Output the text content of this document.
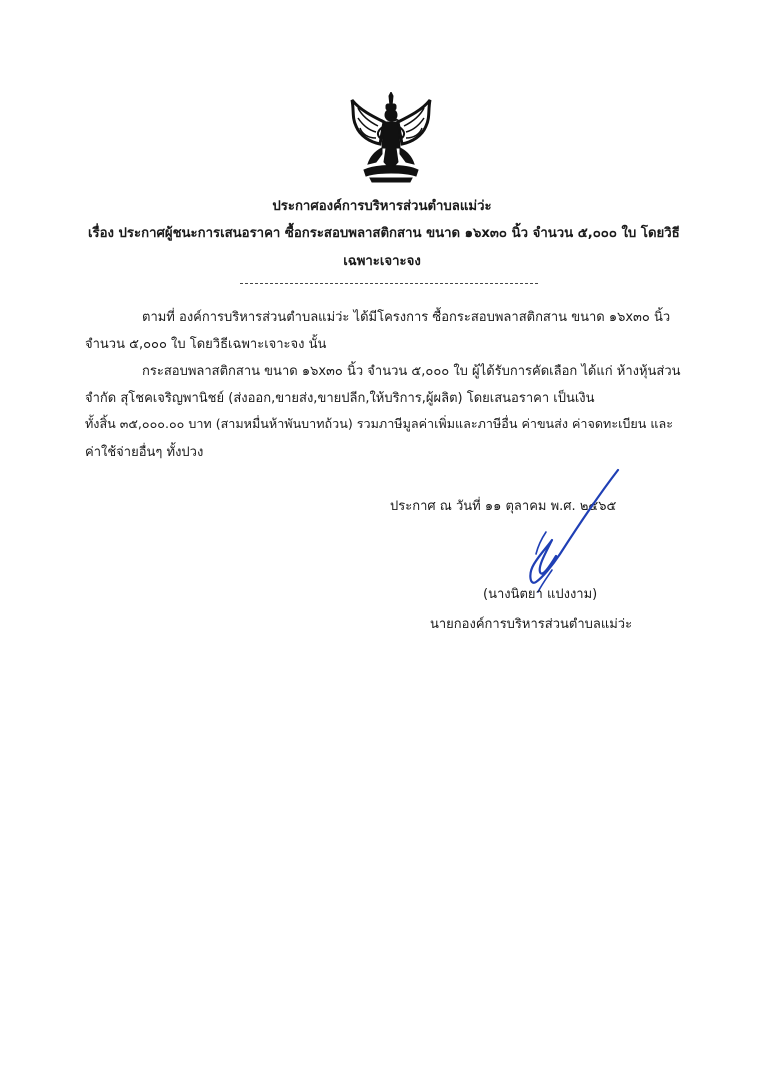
ประกาศองค์การบริหารส่วนตำบลแม่ว่ะ
เรื่อง ประกาศผู้ชนะการเสนอราคา ซื้อกระสอบพลาสติกสาน ขนาด ๑๖x๓๐ นิ้ว จำนวน ๕,๐๐๐ ใบ โดยวิธี
เฉพาะเจาะจง
ตามที่ องค์การบริหารส่วนตำบลแม่ว่ะ ได้มีโครงการ ซื้อกระสอบพลาสติกสาน ขนาด ๑๖x๓๐ นิ้ว
จำนวน ๕,๐๐๐ ใบ โดยวิธีเฉพาะเจาะจง นั้น
กระสอบพลาสติกสาน ขนาด ๑๖x๓๐ นิ้ว จำนวน ๕,๐๐๐ ใบ ผู้ได้รับการคัดเลือก ได้แก่ ห้างหุ้นส่วน
จำกัด สุโชคเจริญพานิชย์ (ส่งออก,ขายส่ง,ขายปลีก,ให้บริการ,ผู้ผลิต) โดยเสนอราคา เป็นเงิน
ทั้งสิ้น ๓๕,๐๐๐.๐๐ บาท (สามหมื่นห้าพันบาทถ้วน) รวมภาษีมูลค่าเพิ่มและภาษีอื่น ค่าขนส่ง ค่าจดทะเบียน และ
ค่าใช้จ่ายอื่นๆ ทั้งปวง
ประกาศ ณ วันที่ ๑๑ ตุลาคม พ.ศ. ๒๕๖๕
(นางนิตยา แปงงาม)
นายกองค์การบริหารส่วนตำบลแม่ว่ะ
